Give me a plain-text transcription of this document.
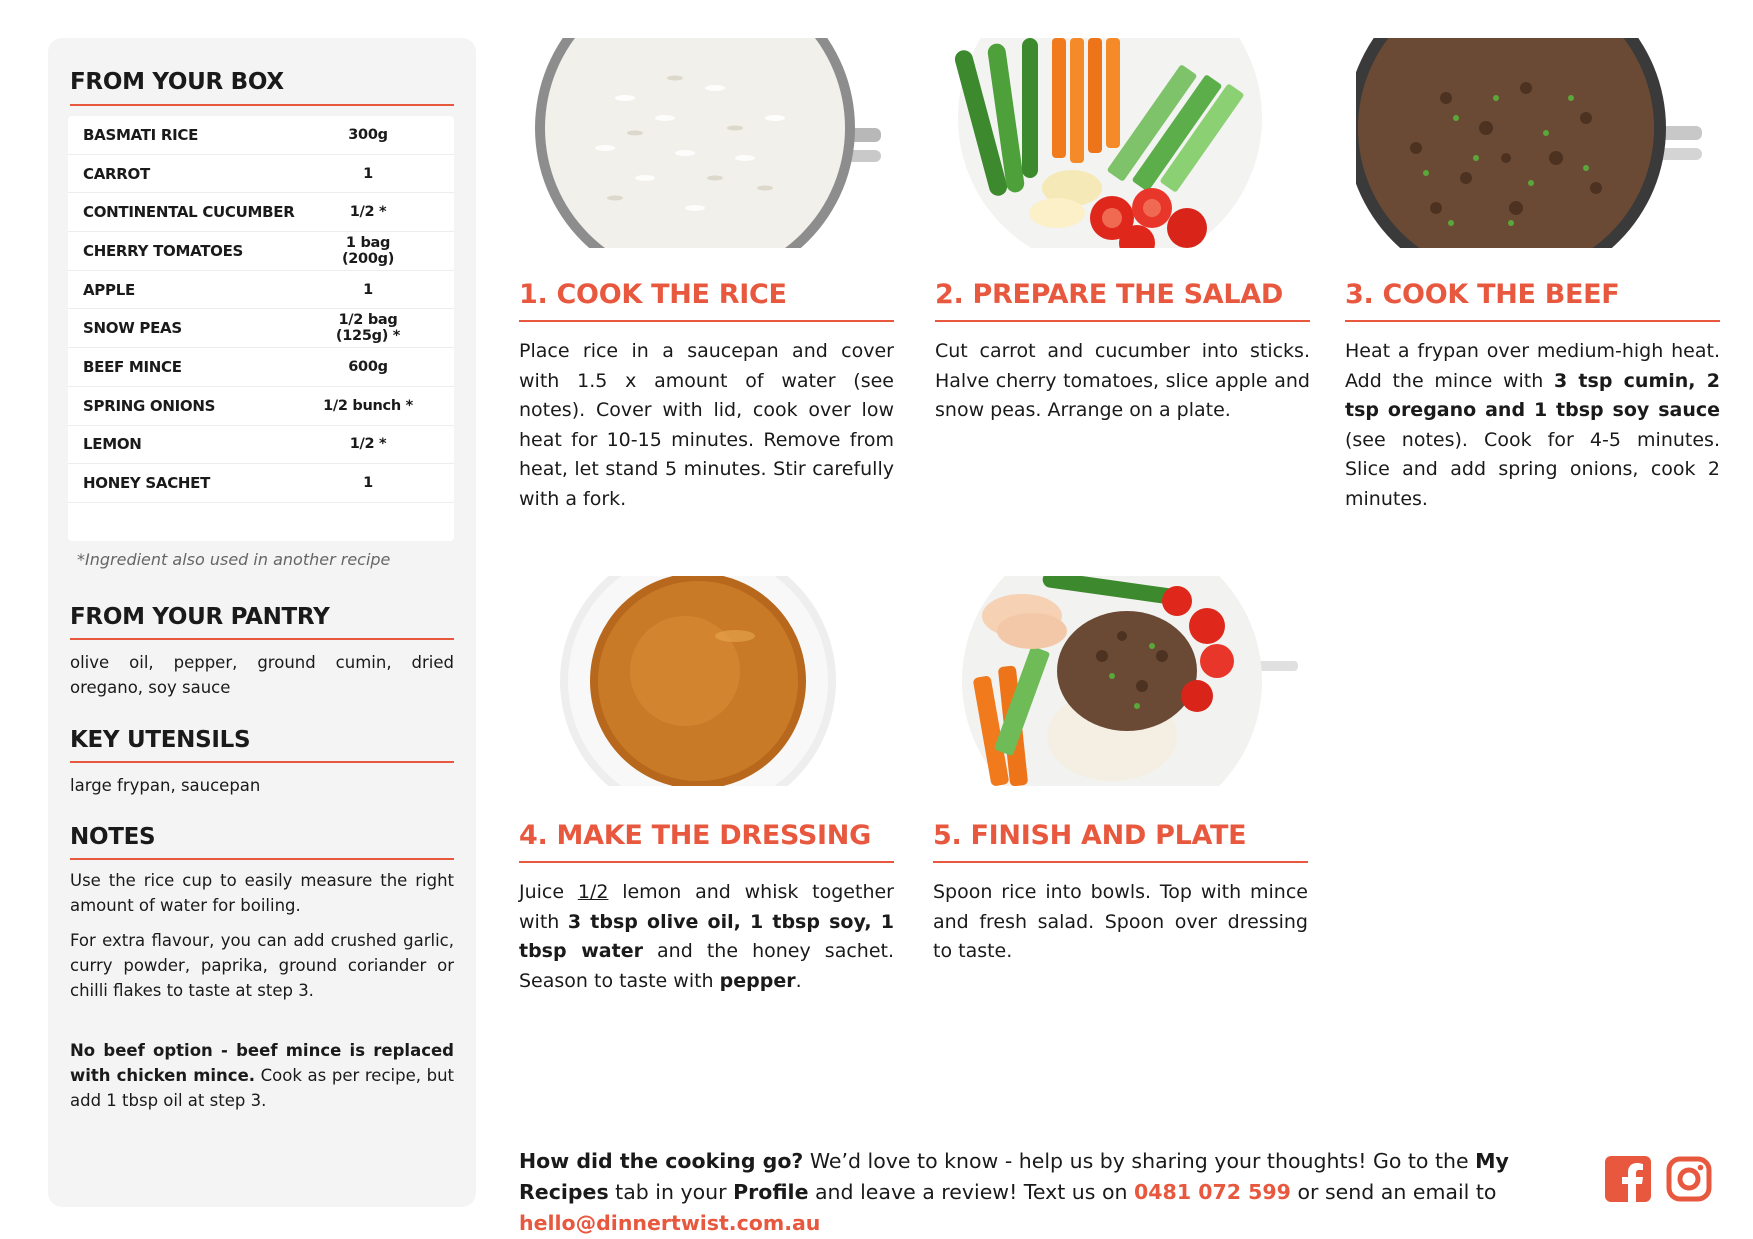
FROM YOUR BOX
BASMATI RICE	300g
CARROT	1
CONTINENTAL CUCUMBER	1/2 *
CHERRY TOMATOES	1 bag (200g)
APPLE	1
SNOW PEAS	1/2 bag (125g) *
BEEF MINCE	600g
SPRING ONIONS	1/2 bunch *
LEMON	1/2 *
HONEY SACHET	1
*Ingredient also used in another recipe
FROM YOUR PANTRY
olive oil, pepper, ground cumin, dried oregano, soy sauce
KEY UTENSILS
large frypan, saucepan
NOTES
Use the rice cup to easily measure the right amount of water for boiling.
For extra flavour, you can add crushed garlic, curry powder, paprika, ground coriander or chilli flakes to taste at step 3.
No beef option - beef mince is replaced with chicken mince. Cook as per recipe, but add 1 tbsp oil at step 3.
1. COOK THE RICE
Place rice in a saucepan and cover with 1.5 x amount of water (see notes). Cover with lid, cook over low heat for 10-15 minutes. Remove from heat, let stand 5 minutes. Stir carefully with a fork.
2. PREPARE THE SALAD
Cut carrot and cucumber into sticks. Halve cherry tomatoes, slice apple and snow peas. Arrange on a plate.
3. COOK THE BEEF
Heat a frypan over medium-high heat. Add the mince with 3 tsp cumin, 2 tsp oregano and 1 tbsp soy sauce (see notes). Cook for 4-5 minutes. Slice and add spring onions, cook 2 minutes.
4. MAKE THE DRESSING
Juice 1/2 lemon and whisk together with 3 tbsp olive oil, 1 tbsp soy, 1 tbsp water and the honey sachet. Season to taste with pepper.
5. FINISH AND PLATE
Spoon rice into bowls. Top with mince and fresh salad. Spoon over dressing to taste.
How did the cooking go? We’d love to know - help us by sharing your thoughts! Go to the My Recipes tab in your Profile and leave a review! Text us on 0481 072 599 or send an email to hello@dinnertwist.com.au
